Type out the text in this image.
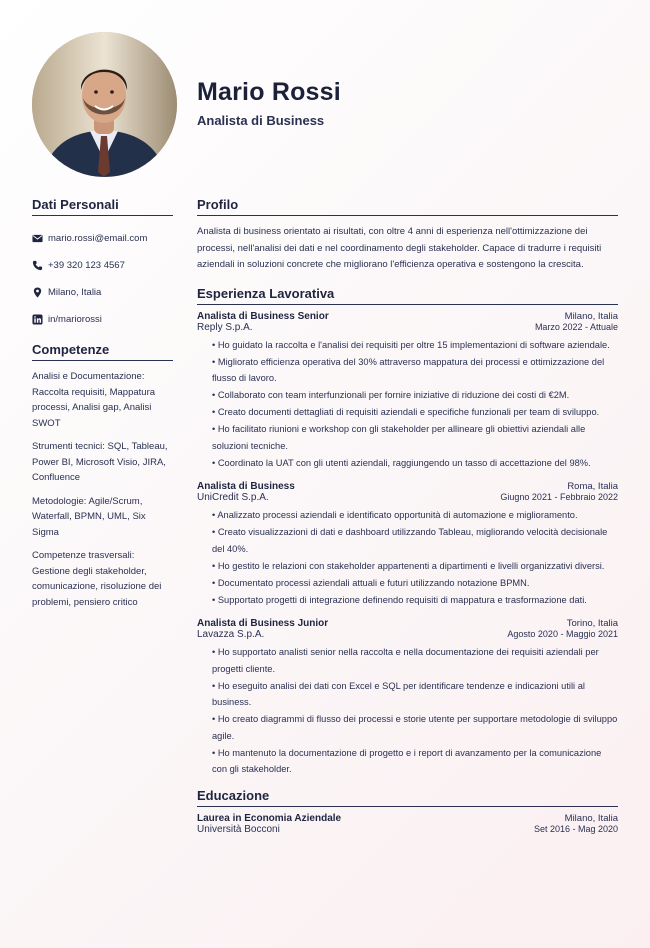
Mario Rossi
Analista di Business
Dati Personali
mario.rossi@email.com
+39 320 123 4567
Milano, Italia
in/mariorossi
Competenze
Analisi e Documentazione: Raccolta requisiti, Mappatura processi, Analisi gap, Analisi SWOT
Strumenti tecnici: SQL, Tableau, Power BI, Microsoft Visio, JIRA, Confluence
Metodologie: Agile/Scrum, Waterfall, BPMN, UML, Six Sigma
Competenze trasversali: Gestione degli stakeholder, comunicazione, risoluzione dei problemi, pensiero critico
Profilo
Analista di business orientato ai risultati, con oltre 4 anni di esperienza nell'ottimizzazione dei processi, nell'analisi dei dati e nel coordinamento degli stakeholder. Capace di tradurre i requisiti aziendali in soluzioni concrete che migliorano l'efficienza operativa e sostengono la crescita.
Esperienza Lavorativa
Analista di Business Senior	Milano, Italia
Reply S.p.A.	Marzo 2022 - Attuale
• Ho guidato la raccolta e l'analisi dei requisiti per oltre 15 implementazioni di software aziendale.
• Migliorato efficienza operativa del 30% attraverso mappatura dei processi e ottimizzazione del flusso di lavoro.
• Collaborato con team interfunzionali per fornire iniziative di riduzione dei costi di €2M.
• Creato documenti dettagliati di requisiti aziendali e specifiche funzionali per team di sviluppo.
• Ho facilitato riunioni e workshop con gli stakeholder per allineare gli obiettivi aziendali alle soluzioni tecniche.
• Coordinato la UAT con gli utenti aziendali, raggiungendo un tasso di accettazione del 98%.
Analista di Business	Roma, Italia
UniCredit S.p.A.	Giugno 2021 - Febbraio 2022
• Analizzato processi aziendali e identificato opportunità di automazione e miglioramento.
• Creato visualizzazioni di dati e dashboard utilizzando Tableau, migliorando velocità decisionale del 40%.
• Ho gestito le relazioni con stakeholder appartenenti a dipartimenti e livelli organizzativi diversi.
• Documentato processi aziendali attuali e futuri utilizzando notazione BPMN.
• Supportato progetti di integrazione definendo requisiti di mappatura e trasformazione dati.
Analista di Business Junior	Torino, Italia
Lavazza S.p.A.	Agosto 2020 - Maggio 2021
• Ho supportato analisti senior nella raccolta e nella documentazione dei requisiti aziendali per progetti cliente.
• Ho eseguito analisi dei dati con Excel e SQL per identificare tendenze e indicazioni utili al business.
• Ho creato diagrammi di flusso dei processi e storie utente per supportare metodologie di sviluppo agile.
• Ho mantenuto la documentazione di progetto e i report di avanzamento per la comunicazione con gli stakeholder.
Educazione
Laurea in Economia Aziendale	Milano, Italia
Università Bocconi	Set 2016 - Mag 2020
